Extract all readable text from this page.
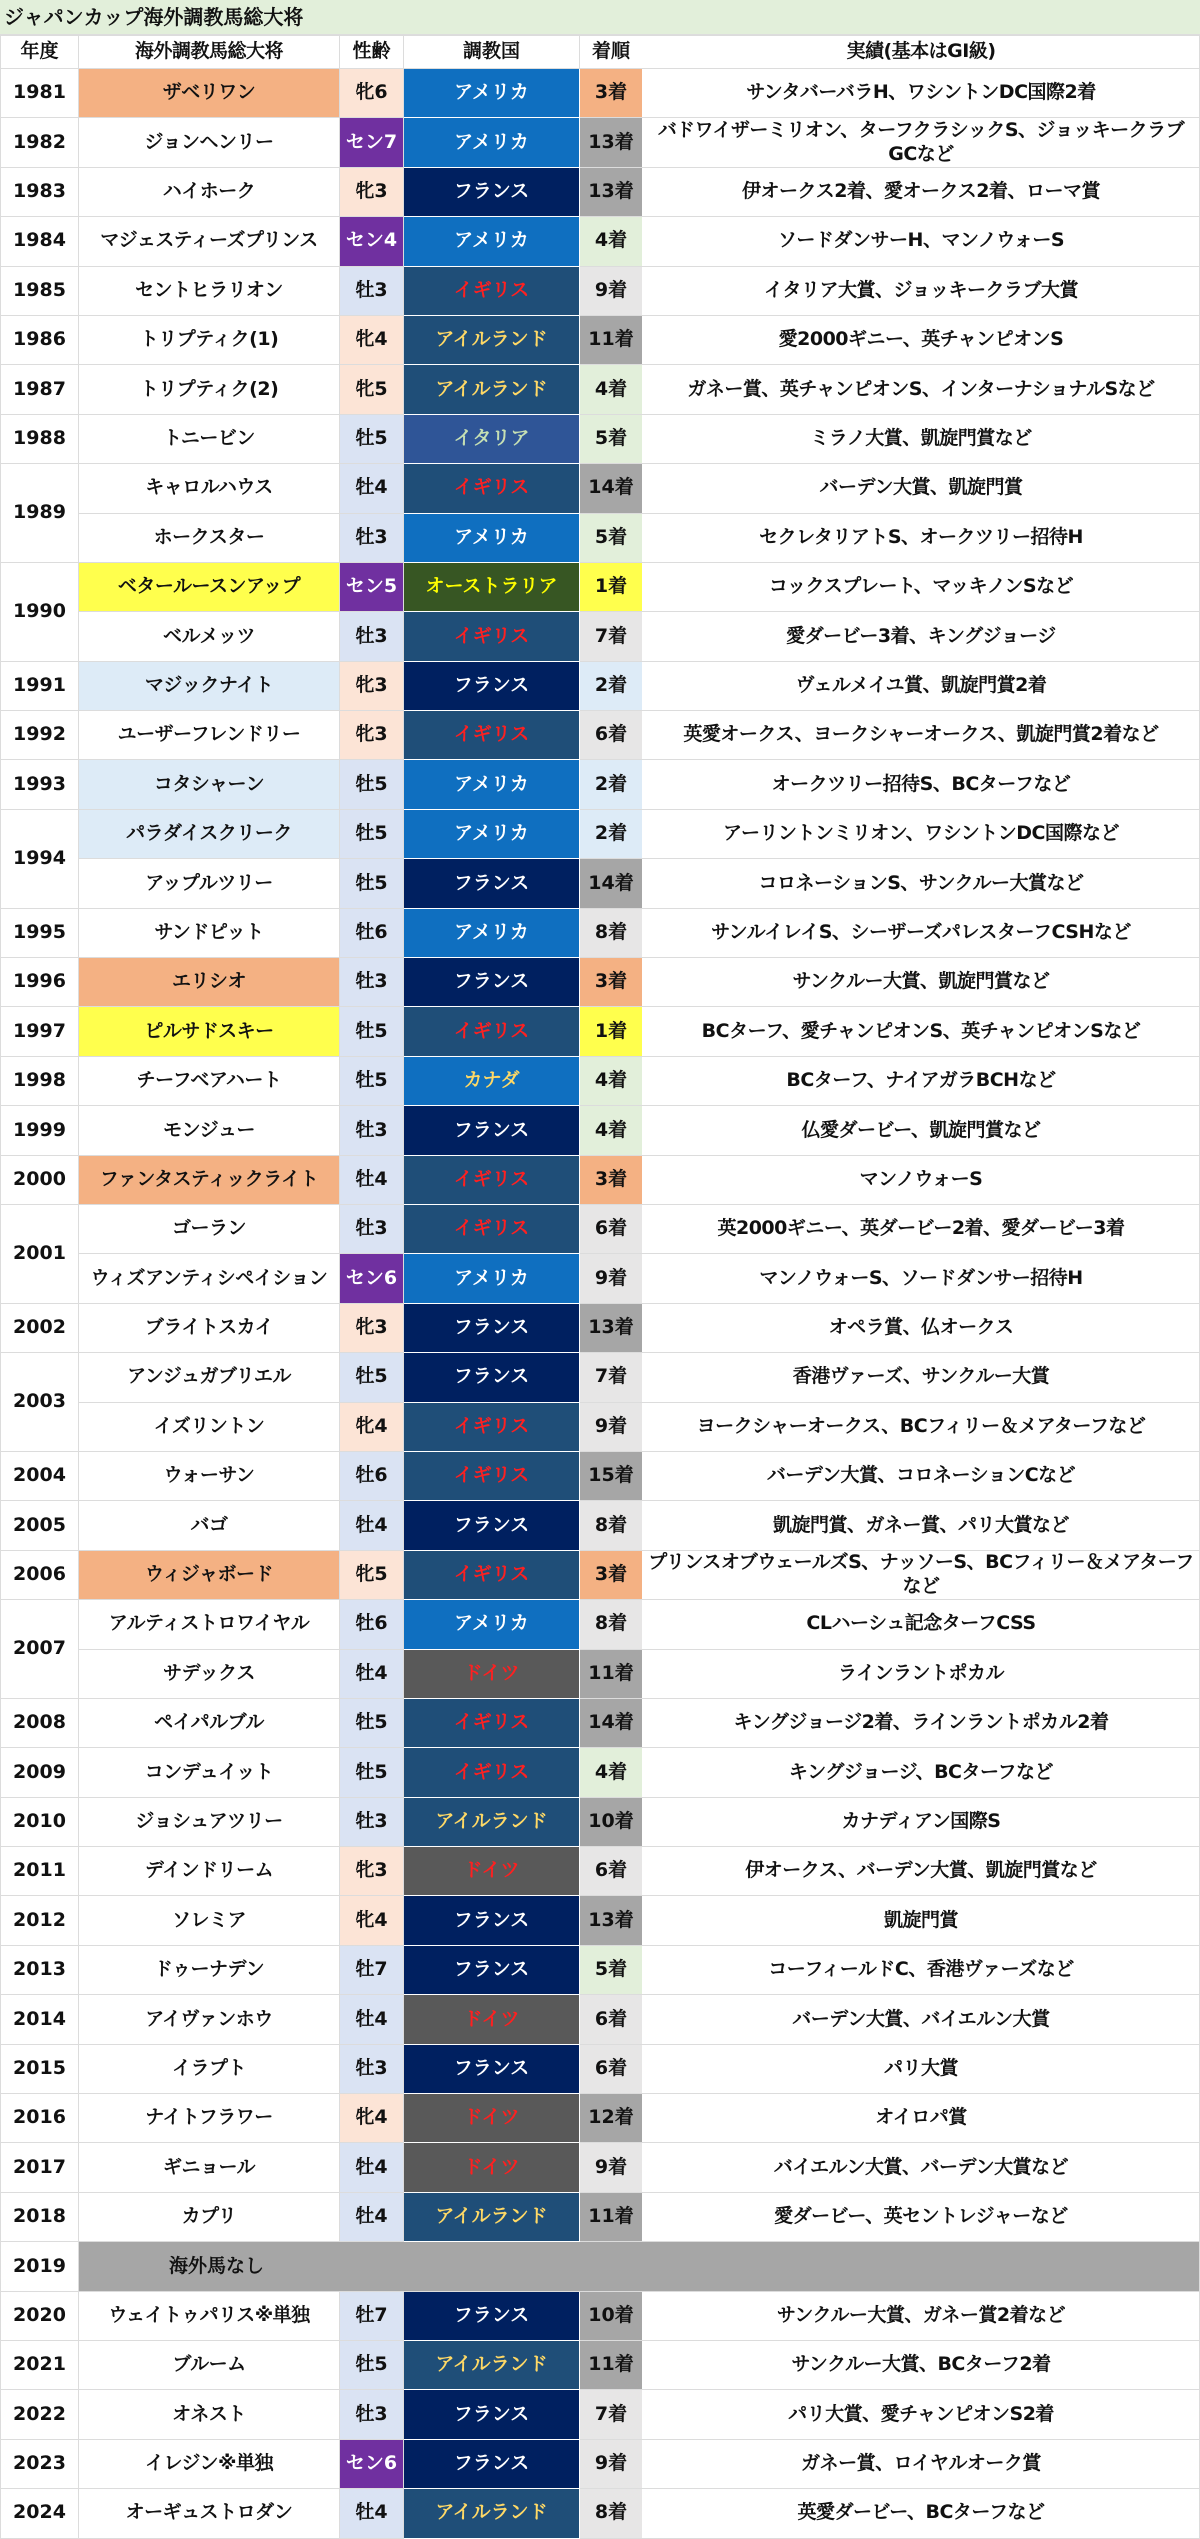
ジャパンカップ海外調教馬総大将
年度	海外調教馬総大将	性齢	調教国	着順	実績(基本はGI級)
1981	ザベリワン	牝6	アメリカ	3着	サンタバーバラH、ワシントンDC国際2着
1982	ジョンヘンリー	セン7	アメリカ	13着	バドワイザーミリオン、ターフクラシックS、ジョッキークラブGCなど
1983	ハイホーク	牝3	フランス	13着	伊オークス2着、愛オークス2着、ローマ賞
1984	マジェスティーズプリンス	セン4	アメリカ	4着	ソードダンサーH、マンノウォーS
1985	セントヒラリオン	牡3	イギリス	9着	イタリア大賞、ジョッキークラブ大賞
1986	トリプティク(1)	牝4	アイルランド	11着	愛2000ギニー、英チャンピオンS
1987	トリプティク(2)	牝5	アイルランド	4着	ガネー賞、英チャンピオンS、インターナショナルSなど
1988	トニービン	牡5	イタリア	5着	ミラノ大賞、凱旋門賞など
1989	キャロルハウス	牡4	イギリス	14着	バーデン大賞、凱旋門賞
	ホークスター	牡3	アメリカ	5着	セクレタリアトS、オークツリー招待H
1990	ベタールースンアップ	セン5	オーストラリア	1着	コックスプレート、マッキノンSなど
	ベルメッツ	牡3	イギリス	7着	愛ダービー3着、キングジョージ
1991	マジックナイト	牝3	フランス	2着	ヴェルメイユ賞、凱旋門賞2着
1992	ユーザーフレンドリー	牝3	イギリス	6着	英愛オークス、ヨークシャーオークス、凱旋門賞2着など
1993	コタシャーン	牡5	アメリカ	2着	オークツリー招待S、BCターフなど
1994	パラダイスクリーク	牡5	アメリカ	2着	アーリントンミリオン、ワシントンDC国際など
	アップルツリー	牡5	フランス	14着	コロネーションS、サンクルー大賞など
1995	サンドピット	牡6	アメリカ	8着	サンルイレイS、シーザーズパレスターフCSHなど
1996	エリシオ	牡3	フランス	3着	サンクルー大賞、凱旋門賞など
1997	ピルサドスキー	牡5	イギリス	1着	BCターフ、愛チャンピオンS、英チャンピオンSなど
1998	チーフベアハート	牡5	カナダ	4着	BCターフ、ナイアガラBCHなど
1999	モンジュー	牡3	フランス	4着	仏愛ダービー、凱旋門賞など
2000	ファンタスティックライト	牡4	イギリス	3着	マンノウォーS
2001	ゴーラン	牡3	イギリス	6着	英2000ギニー、英ダービー2着、愛ダービー3着
	ウィズアンティシペイション	セン6	アメリカ	9着	マンノウォーS、ソードダンサー招待H
2002	ブライトスカイ	牝3	フランス	13着	オペラ賞、仏オークス
2003	アンジュガブリエル	牡5	フランス	7着	香港ヴァーズ、サンクルー大賞
	イズリントン	牝4	イギリス	9着	ヨークシャーオークス、BCフィリー＆メアターフなど
2004	ウォーサン	牡6	イギリス	15着	バーデン大賞、コロネーションCなど
2005	バゴ	牡4	フランス	8着	凱旋門賞、ガネー賞、パリ大賞など
2006	ウィジャボード	牝5	イギリス	3着	プリンスオブウェールズS、ナッソーS、BCフィリー＆メアターフなど
2007	アルティストロワイヤル	牡6	アメリカ	8着	CLハーシュ記念ターフCSS
	サデックス	牡4	ドイツ	11着	ラインラントポカル
2008	ペイパルブル	牡5	イギリス	14着	キングジョージ2着、ラインラントポカル2着
2009	コンデュイット	牡5	イギリス	4着	キングジョージ、BCターフなど
2010	ジョシュアツリー	牡3	アイルランド	10着	カナディアン国際S
2011	デインドリーム	牝3	ドイツ	6着	伊オークス、バーデン大賞、凱旋門賞など
2012	ソレミア	牝4	フランス	13着	凱旋門賞
2013	ドゥーナデン	牡7	フランス	5着	コーフィールドC、香港ヴァーズなど
2014	アイヴァンホウ	牡4	ドイツ	6着	バーデン大賞、バイエルン大賞
2015	イラプト	牡3	フランス	6着	パリ大賞
2016	ナイトフラワー	牝4	ドイツ	12着	オイロパ賞
2017	ギニョール	牡4	ドイツ	9着	バイエルン大賞、バーデン大賞など
2018	カプリ	牡4	アイルランド	11着	愛ダービー、英セントレジャーなど
2019	海外馬なし				
2020	ウェイトゥパリス※単独	牡7	フランス	10着	サンクルー大賞、ガネー賞2着など
2021	ブルーム	牡5	アイルランド	11着	サンクルー大賞、BCターフ2着
2022	オネスト	牡3	フランス	7着	パリ大賞、愛チャンピオンS2着
2023	イレジン※単独	セン6	フランス	9着	ガネー賞、ロイヤルオーク賞
2024	オーギュストロダン	牡4	アイルランド	8着	英愛ダービー、BCターフなど
